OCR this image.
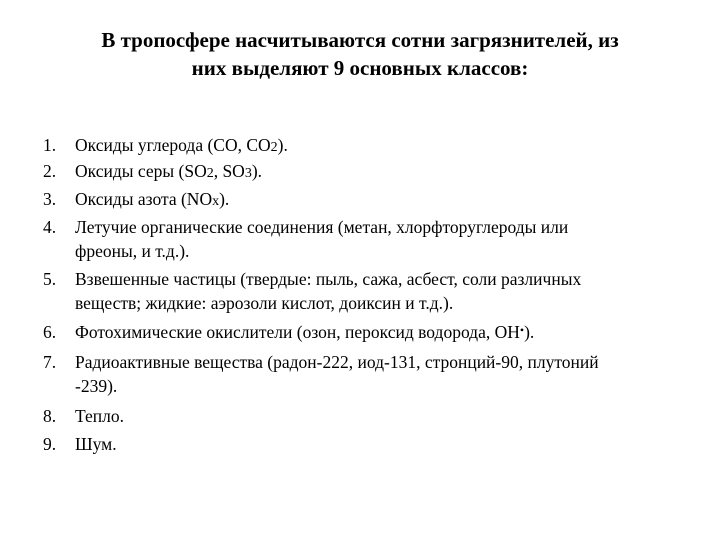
В тропосфере насчитываются сотни загрязнителей, из
них выделяют 9 основных классов:
1.	Оксиды углерода (СО, СО2).
2.	Оксиды серы (SO2, SO3).
3.	Оксиды азота (NOx).
4.	Летучие органические соединения (метан, хлорфторуглероды или
фреоны, и т.д.).
5.	Взвешенные частицы (твердые: пыль, сажа, асбест, соли различных
веществ; жидкие: аэрозоли кислот, доиксин и т.д.).
6.	Фотохимические окислители (озон, пероксид водорода, ОН•).
7.	Радиоактивные вещества (радон-222, иод-131, стронций-90, плутоний
-239).
8.	Тепло.
9.	Шум.
